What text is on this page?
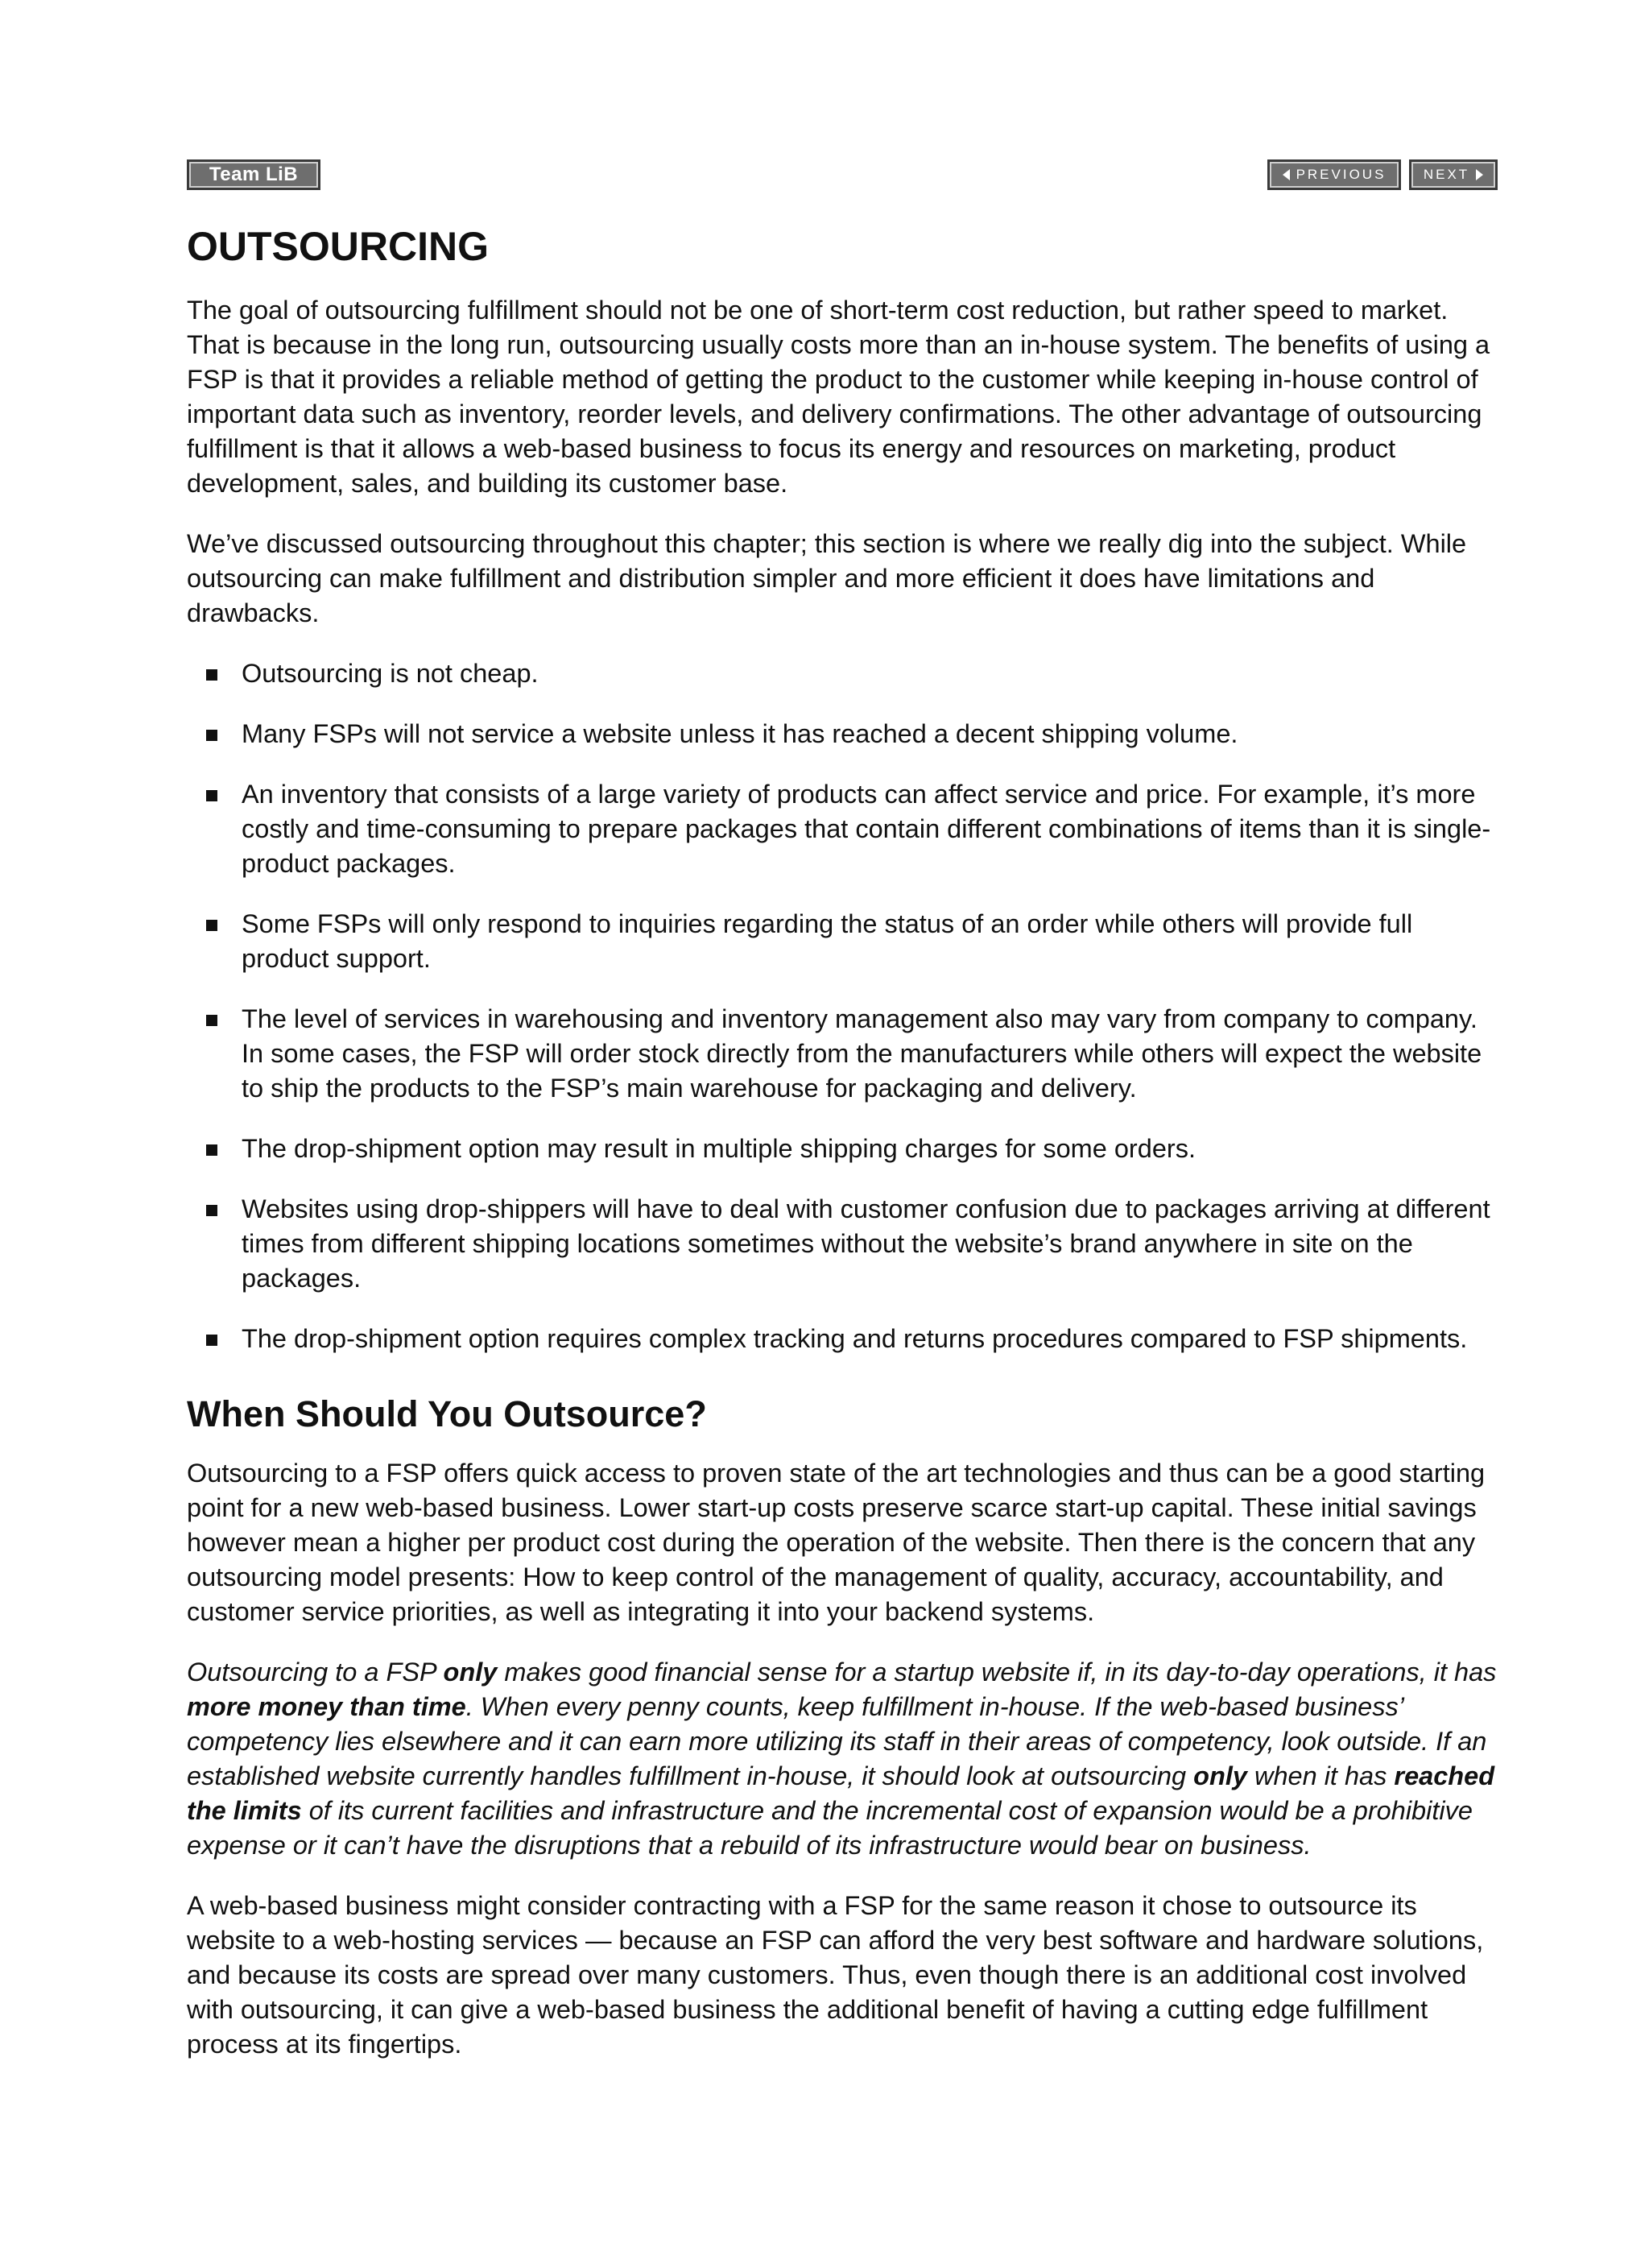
Team LiB	PREVIOUS	NEXT
OUTSOURCING

The goal of outsourcing fulfillment should not be one of short-term cost reduction, but rather speed to market. That is because in the long run, outsourcing usually costs more than an in-house system. The benefits of using a FSP is that it provides a reliable method of getting the product to the customer while keeping in-house control of important data such as inventory, reorder levels, and delivery confirmations. The other advantage of outsourcing fulfillment is that it allows a web-based business to focus its energy and resources on marketing, product development, sales, and building its customer base.

We’ve discussed outsourcing throughout this chapter; this section is where we really dig into the subject. While outsourcing can make fulfillment and distribution simpler and more efficient it does have limitations and drawbacks.

Outsourcing is not cheap.
Many FSPs will not service a website unless it has reached a decent shipping volume.
An inventory that consists of a large variety of products can affect service and price. For example, it’s more costly and time-consuming to prepare packages that contain different combinations of items than it is single-product packages.
Some FSPs will only respond to inquiries regarding the status of an order while others will provide full product support.
The level of services in warehousing and inventory management also may vary from company to company. In some cases, the FSP will order stock directly from the manufacturers while others will expect the website to ship the products to the FSP’s main warehouse for packaging and delivery.
The drop-shipment option may result in multiple shipping charges for some orders.
Websites using drop-shippers will have to deal with customer confusion due to packages arriving at different times from different shipping locations sometimes without the website’s brand anywhere in site on the packages.
The drop-shipment option requires complex tracking and returns procedures compared to FSP shipments.
When Should You Outsource?

Outsourcing to a FSP offers quick access to proven state of the art technologies and thus can be a good starting point for a new web-based business. Lower start-up costs preserve scarce start-up capital. These initial savings however mean a higher per product cost during the operation of the website. Then there is the concern that any outsourcing model presents: How to keep control of the management of quality, accuracy, accountability, and customer service priorities, as well as integrating it into your backend systems.

Outsourcing to a FSP only makes good financial sense for a startup website if, in its day-to-day operations, it has more money than time. When every penny counts, keep fulfillment in-house. If the web-based business’ competency lies elsewhere and it can earn more utilizing its staff in their areas of competency, look outside. If an established website currently handles fulfillment in-house, it should look at outsourcing only when it has reached the limits of its current facilities and infrastructure and the incremental cost of expansion would be a prohibitive expense or it can’t have the disruptions that a rebuild of its infrastructure would bear on business.

A web-based business might consider contracting with a FSP for the same reason it chose to outsource its website to a web-hosting services — because an FSP can afford the very best software and hardware solutions, and because its costs are spread over many customers. Thus, even though there is an additional cost involved with outsourcing, it can give a web-based business the additional benefit of having a cutting edge fulfillment process at its fingertips.
